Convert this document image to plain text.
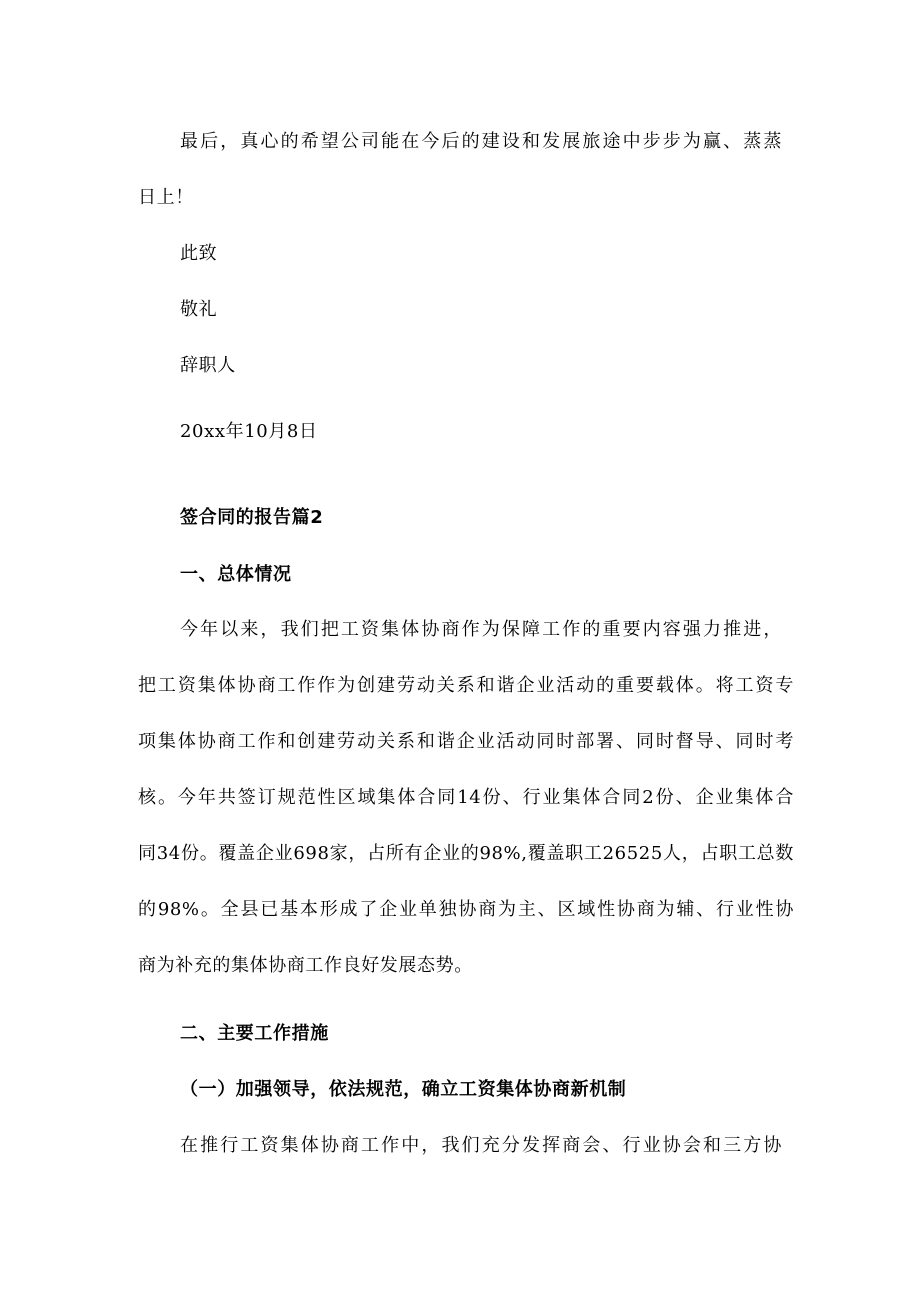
最后，真心的希望公司能在今后的建设和发展旅途中步步为赢、蒸蒸
日上！
此致
敬礼
辞职人
20xx年10月8日
签合同的报告篇2
一、总体情况
今年以来，我们把工资集体协商作为保障工作的重要内容强力推进，
把工资集体协商工作作为创建劳动关系和谐企业活动的重要载体。将工资专
项集体协商工作和创建劳动关系和谐企业活动同时部署、同时督导、同时考
核。今年共签订规范性区域集体合同14份、行业集体合同2份、企业集体合
同34份。覆盖企业698家，占所有企业的98%,覆盖职工26525人，占职工总数
的98%。全县已基本形成了企业单独协商为主、区域性协商为辅、行业性协
商为补充的集体协商工作良好发展态势。
二、主要工作措施
（一）加强领导，依法规范，确立工资集体协商新机制
在推行工资集体协商工作中，我们充分发挥商会、行业协会和三方协
